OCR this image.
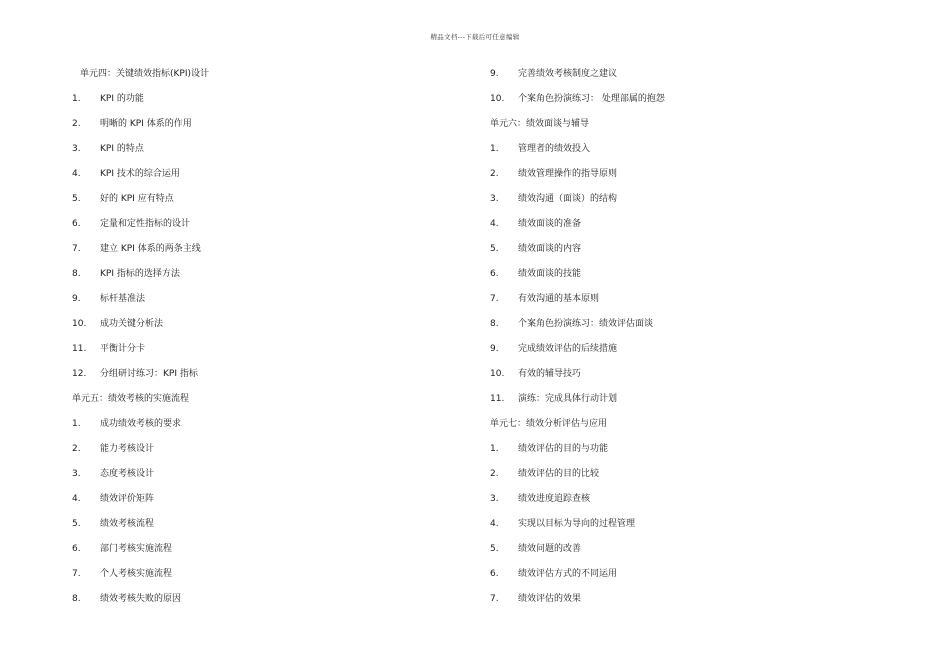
精品文档---下载后可任意编辑
单元四：关键绩效指标(KPI)设计
1.	KPI 的功能
2.	明晰的 KPI 体系的作用
3.	KPI 的特点
4.	KPI 技术的综合运用
5.	好的 KPI 应有特点
6.	定量和定性指标的设计
7.	建立 KPI 体系的两条主线
8.	KPI 指标的选择方法
9.	标杆基准法
10.	成功关键分析法
11.	平衡计分卡
12.	分组研讨练习：KPI 指标
单元五：绩效考核的实施流程
1.	成功绩效考核的要求
2.	能力考核设计
3.	态度考核设计
4.	绩效评价矩阵
5.	绩效考核流程
6.	部门考核实施流程
7.	个人考核实施流程
8.	绩效考核失败的原因
9.	完善绩效考核制度之建议
10.	个案角色扮演练习： 处理部属的抱怨
单元六：绩效面谈与辅导
1.	管理者的绩效投入
2.	绩效管理操作的指导原则
3.	绩效沟通（面谈）的结构
4.	绩效面谈的准备
5.	绩效面谈的内容
6.	绩效面谈的技能
7.	有效沟通的基本原则
8.	个案角色扮演练习：绩效评估面谈
9.	完成绩效评估的后续措施
10.	有效的辅导技巧
11.	演练：完成具体行动计划
单元七：绩效分析评估与应用
1.	绩效评估的目的与功能
2.	绩效评估的目的比较
3.	绩效进度追踪查核
4.	实现以目标为导向的过程管理
5.	绩效问题的改善
6.	绩效评估方式的不同运用
7.	绩效评估的效果
